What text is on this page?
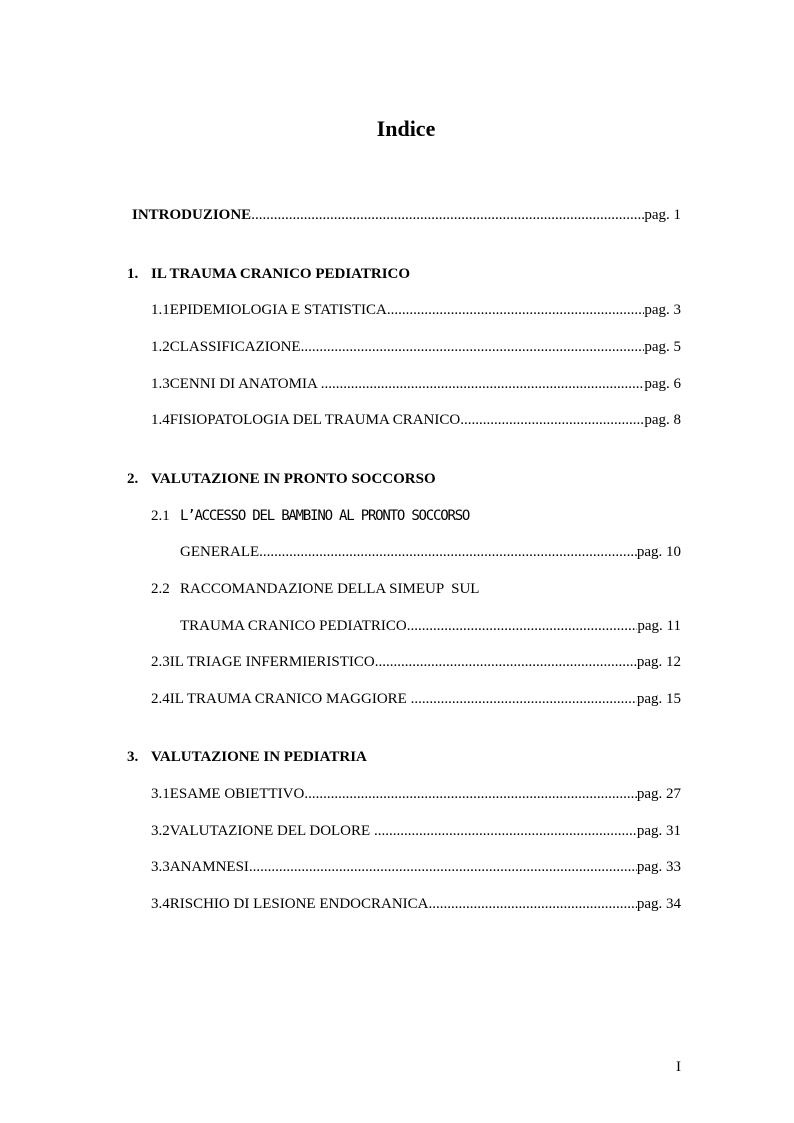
Indice
INTRODUZIONE .....	pag. 1
1. IL TRAUMA CRANICO PEDIATRICO
1.1 EPIDEMIOLOGIA E STATISTICA .....	pag. 3
1.2 CLASSIFICAZIONE .....	pag. 5
1.3 CENNI DI ANATOMIA .....	pag. 6
1.4 FISIOPATOLOGIA DEL TRAUMA CRANICO .....	pag. 8
2. VALUTAZIONE IN PRONTO SOCCORSO
2.1 L’ACCESSO DEL BAMBINO AL PRONTO SOCCORSO
GENERALE .....	pag. 10
2.2 RACCOMANDAZIONE DELLA SIMEUP  SUL
TRAUMA CRANICO PEDIATRICO .....	pag. 11
2.3 IL TRIAGE INFERMIERISTICO .....	pag. 12
2.4 IL TRAUMA CRANICO MAGGIORE .....	pag. 15
3. VALUTAZIONE IN PEDIATRIA
3.1 ESAME OBIETTIVO .....	pag. 27
3.2 VALUTAZIONE DEL DOLORE .....	pag. 31
3.3 ANAMNESI .....	pag. 33
3.4 RISCHIO DI LESIONE ENDOCRANICA .....	pag. 34
I
